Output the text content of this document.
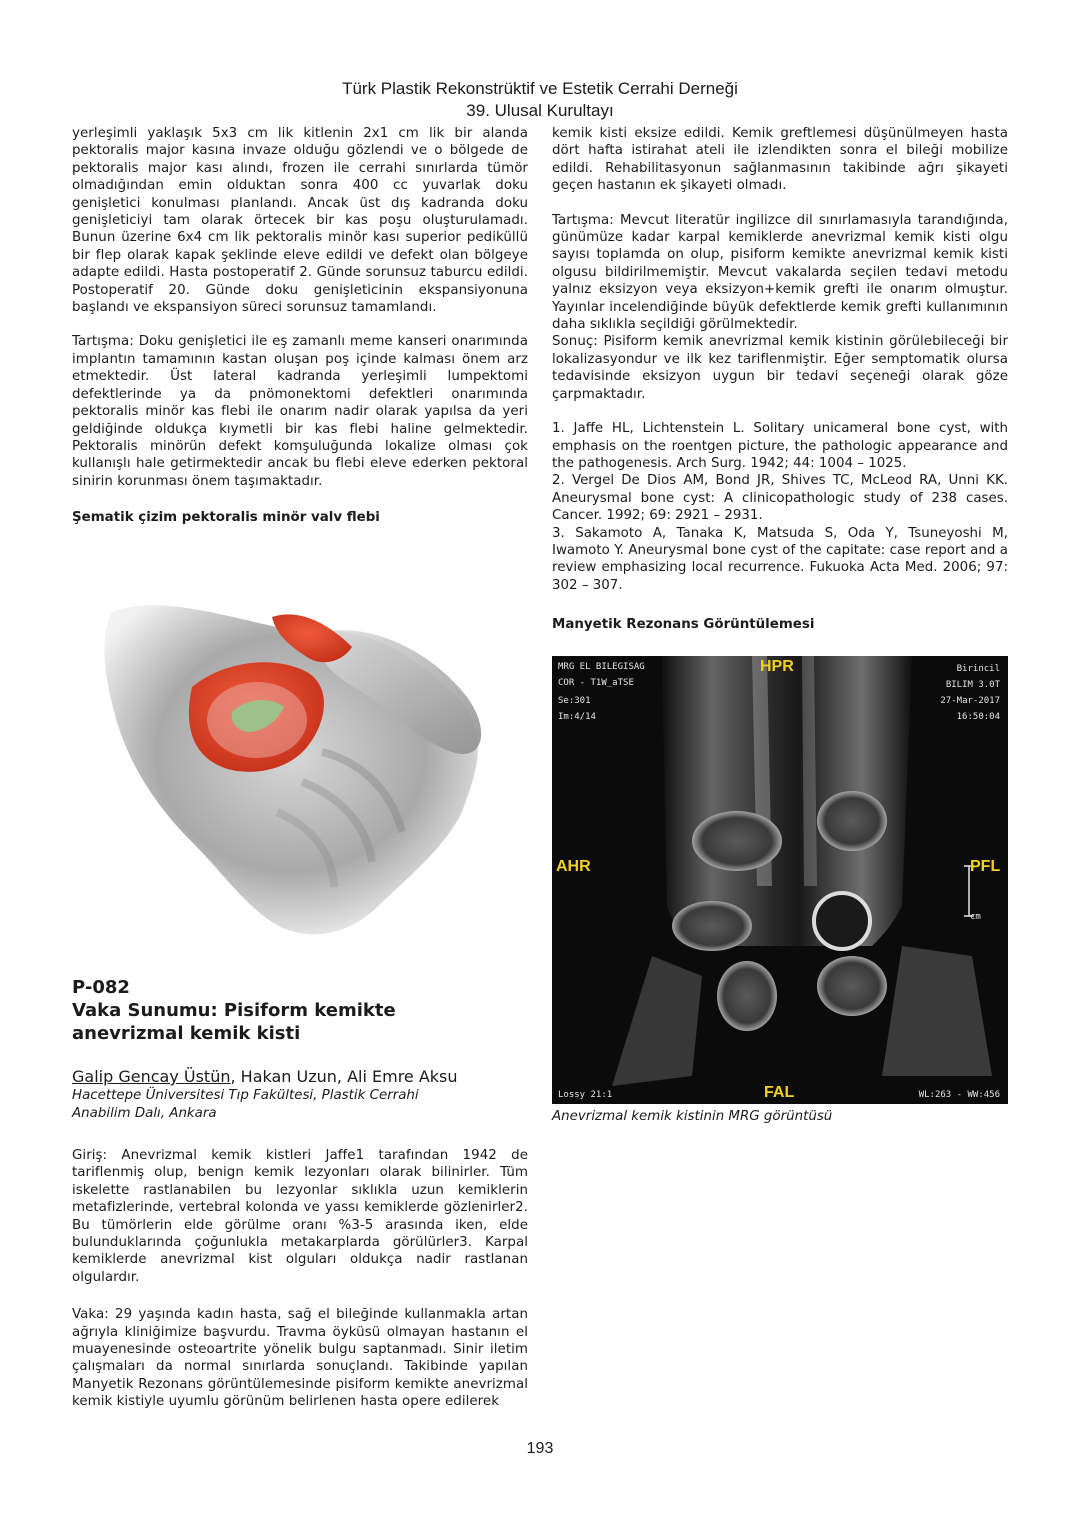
Türk Plastik Rekonstrüktif ve Estetik Cerrahi Derneği
39. Ulusal Kurultayı

yerleşimli yaklaşık 5x3 cm lik kitlenin 2x1 cm lik bir alanda pektoralis major kasına invaze olduğu gözlendi ve o bölgede de pektoralis major kası alındı, frozen ile cerrahi sınırlarda tümör olmadığından emin olduktan sonra 400 cc yuvarlak doku genişletici konulması planlandı. Ancak üst dış kadranda doku genişleticiyi tam olarak örtecek bir kas poşu oluşturulamadı. Bunun üzerine 6x4 cm lik pektoralis minör kası superior pediküllü bir flep olarak kapak şeklinde eleve edildi ve defekt olan bölgeye adapte edildi. Hasta postoperatif 2. Günde sorunsuz taburcu edildi. Postoperatif 20. Günde doku genişleticinin ekspansiyonuna başlandı ve ekspansiyon süreci sorunsuz tamamlandı.

Tartışma: Doku genişletici ile eş zamanlı meme kanseri onarımında implantın tamamının kastan oluşan poş içinde kalması önem arz etmektedir. Üst lateral kadranda yerleşimli lumpektomi defektlerinde ya da pnömonektomi defektleri onarımında pektoralis minör kas flebi ile onarım nadir olarak yapılsa da yeri geldiğinde oldukça kıymetli bir kas flebi haline gelmektedir. Pektoralis minörün defekt komşuluğunda lokalize olması çok kullanışlı hale getirmektedir ancak bu flebi eleve ederken pektoral sinirin korunması önem taşımaktadır.

Şematik çizim pektoralis minör valv flebi

P-082

Vaka Sunumu: Pisiform kemikte

anevrizmal kemik kisti

Galip Gencay Üstün, Hakan Uzun, Ali Emre Aksu

Hacettepe Üniversitesi Tıp Fakültesi, Plastik Cerrahi

Anabilim Dalı, Ankara

Giriş: Anevrizmal kemik kistleri Jaffe1 tarafından 1942 de tariflenmiş olup, benign kemik lezyonları olarak bilinirler. Tüm iskelette rastlanabilen bu lezyonlar sıklıkla uzun kemiklerin metafizlerinde, vertebral kolonda ve yassı kemiklerde gözlenirler2. Bu tümörlerin elde görülme oranı %3-5 arasında iken, elde bulunduklarında çoğunlukla metakarplarda görülürler3. Karpal kemiklerde anevrizmal kist olguları oldukça nadir rastlanan olgulardır.

Vaka: 29 yaşında kadın hasta, sağ el bileğinde kullanmakla artan ağrıyla kliniğimize başvurdu. Travma öyküsü olmayan hastanın el muayenesinde osteoartrite yönelik bulgu saptanmadı. Sinir iletim çalışmaları da normal sınırlarda sonuçlandı. Takibinde yapılan Manyetik Rezonans görüntülemesinde pisiform kemikte anevrizmal kemik kistiyle uyumlu görünüm belirlenen hasta opere edilerek

kemik kisti eksize edildi. Kemik greftlemesi düşünülmeyen hasta dört hafta istirahat ateli ile izlendikten sonra el bileği mobilize edildi. Rehabilitasyonun sağlanmasının takibinde ağrı şikayeti geçen hastanın ek şikayeti olmadı.

Tartışma: Mevcut literatür ingilizce dil sınırlamasıyla tarandığında, günümüze kadar karpal kemiklerde anevrizmal kemik kisti olgu sayısı toplamda on olup, pisiform kemikte anevrizmal kemik kisti olgusu bildirilmemiştir. Mevcut vakalarda seçilen tedavi metodu yalnız eksizyon veya eksizyon+kemik grefti ile onarım olmuştur. Yayınlar incelendiğinde büyük defektlerde kemik grefti kullanımının daha sıklıkla seçildiği görülmektedir.

Sonuç: Pisiform kemik anevrizmal kemik kistinin görülebileceği bir lokalizasyondur ve ilk kez tariflenmiştir. Eğer semptomatik olursa tedavisinde eksizyon uygun bir tedavi seçeneği olarak göze çarpmaktadır.

1. Jaffe HL, Lichtenstein L. Solitary unicameral bone cyst, with emphasis on the roentgen picture, the pathologic appearance and the pathogenesis. Arch Surg. 1942; 44: 1004 – 1025.

2. Vergel De Dios AM, Bond JR, Shives TC, McLeod RA, Unni KK. Aneurysmal bone cyst: A clinicopathologic study of 238 cases. Cancer. 1992; 69: 2921 – 2931.

3. Sakamoto A, Tanaka K, Matsuda S, Oda Y, Tsuneyoshi M, Iwamoto Y. Aneurysmal bone cyst of the capitate: case report and a review emphasizing local recurrence. Fukuoka Acta Med. 2006; 97: 302 – 307.

Manyetik Rezonans Görüntülemesi

MRG EL BILEGISAG
COR - T1W_aTSE
Se:301
Im:4/14
Birincil
BILIM 3.0T
27-Mar-2017
16:50:04
HPR
AHR	PFL
FAL
cm
Lossy 21:1	WL:263 - WW:456

Anevrizmal kemik kistinin MRG görüntüsü

193
